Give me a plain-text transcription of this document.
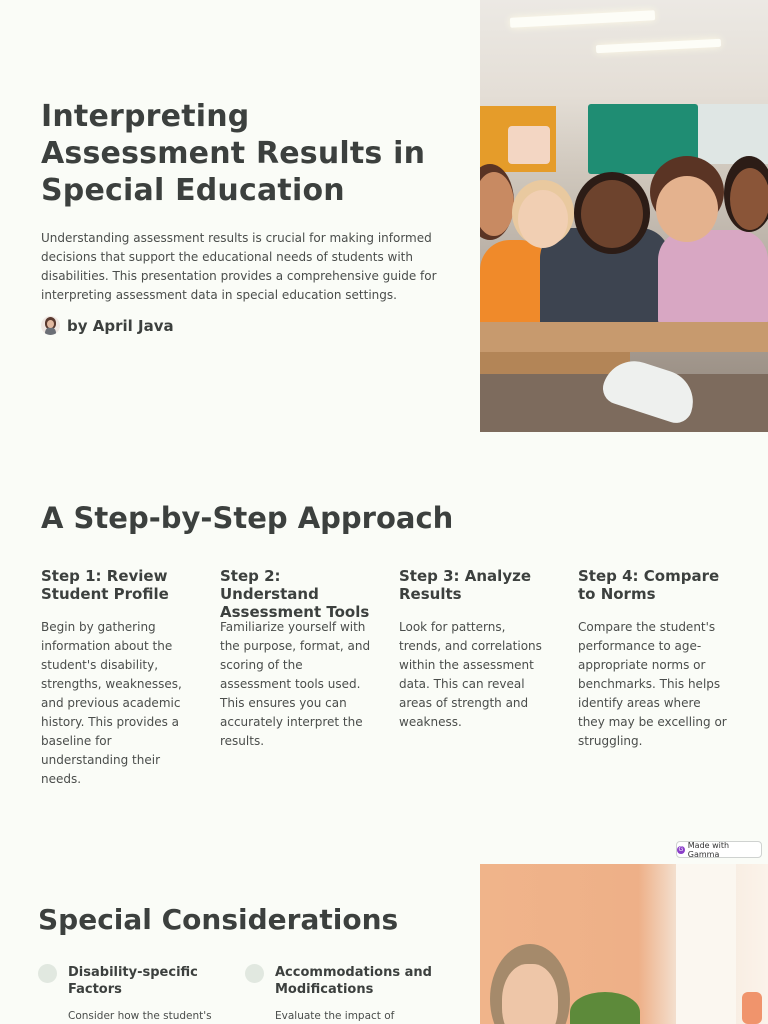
Interpreting Assessment Results in Special Education

Understanding assessment results is crucial for making informed decisions that support the educational needs of students with disabilities. This presentation provides a comprehensive guide for interpreting assessment data in special education settings.

by April Java
A Step-by-Step Approach
Step 1: Review Student Profile

Begin by gathering information about the student's disability, strengths, weaknesses, and previous academic history. This provides a baseline for understanding their needs.

Step 2: Understand Assessment Tools

Familiarize yourself with the purpose, format, and scoring of the assessment tools used. This ensures you can accurately interpret the results.

Step 3: Analyze Results

Look for patterns, trends, and correlations within the assessment data. This can reveal areas of strength and weakness.

Step 4: Compare to Norms

Compare the student's performance to age-appropriate norms or benchmarks. This helps identify areas where they may be excelling or struggling.

G Made with Gamma
Special Considerations
Disability-specific Factors

Consider how the student's

Accommodations and Modifications

Evaluate the impact of
